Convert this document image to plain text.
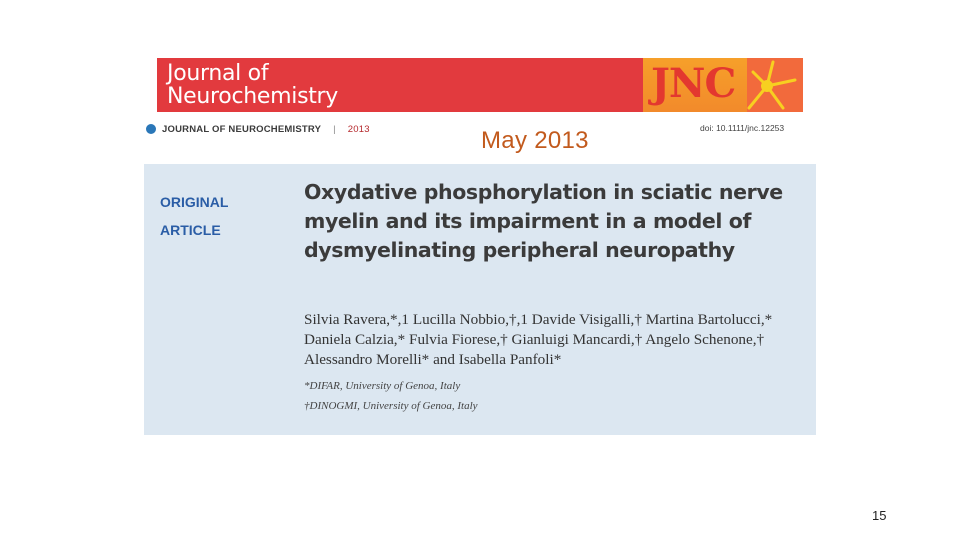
Journal of
Neurochemistry	JNC
JOURNAL OF NEUROCHEMISTRY | 2013	doi: 10.1111/jnc.12253
May 2013
ORIGINAL
ARTICLE
Oxydative phosphorylation in sciatic nerve myelin and its impairment in a model of dysmyelinating peripheral neuropathy
Silvia Ravera,*,1 Lucilla Nobbio,†,1 Davide Visigalli,† Martina Bartolucci,* Daniela Calzia,* Fulvia Fiorese,† Gianluigi Mancardi,† Angelo Schenone,† Alessandro Morelli* and Isabella Panfoli*
*DIFAR, University of Genoa, Italy
†DINOGMI, University of Genoa, Italy
15
